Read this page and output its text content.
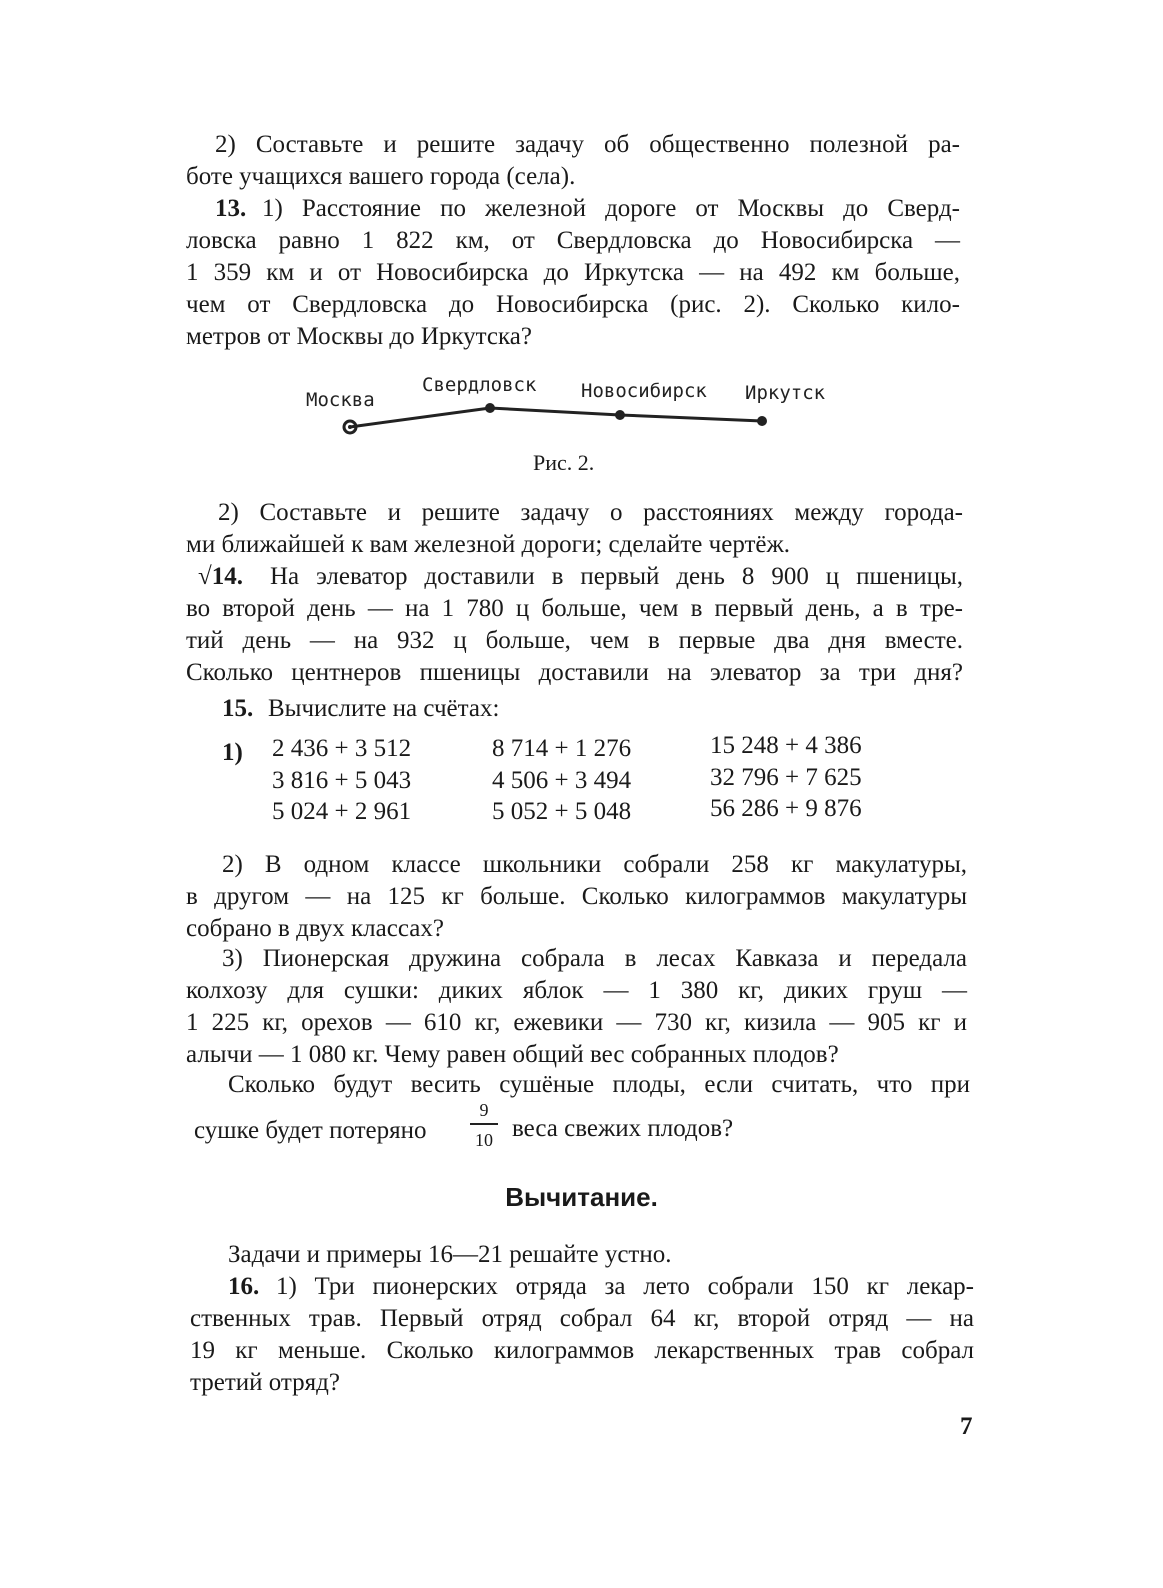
2) Составьте и решите задачу об общественно полезной ра-
боте учащихся вашего города (села).
13. 1) Расстояние по железной дороге от Москвы до Сверд-
ловска равно 1 822 км, от Свердловска до Новосибирска —
1 359 км и от Новосибирска до Иркутска — на 492 км больше,
чем от Свердловска до Новосибирска (рис. 2). Сколько кило-
метров от Москвы до Иркутска?
Москва
Свердловск Новосибирск Иркутск
Рис. 2.
2) Составьте и решите задачу о расстояниях между города-
ми ближайшей к вам железной дороги; сделайте чертёж.
√14. На элеватор доставили в первый день 8 900 ц пшеницы,
во второй день — на 1 780 ц больше, чем в первый день, а в тре-
тий день — на 932 ц больше, чем в первые два дня вместе.
Сколько центнеров пшеницы доставили на элеватор за три дня?
15. Вычислите на счётах:
1) 2 436 + 3 512
3 816 + 5 043
5 024 + 2 961
8 714 + 1 276
4 506 + 3 494
5 052 + 5 048
15 248 + 4 386
32 796 + 7 625
56 286 + 9 876
2) В одном классе школьники собрали 258 кг макулатуры,
в другом — на 125 кг больше. Сколько килограммов макулатуры
собрано в двух классах?
3) Пионерская дружина собрала в лесах Кавказа и передала
колхозу для сушки: диких яблок — 1 380 кг, диких груш —
1 225 кг, орехов — 610 кг, ежевики — 730 кг, кизила — 905 кг и
алычи — 1 080 кг. Чему равен общий вес собранных плодов?
Сколько будут весить сушёные плоды, если считать, что при
сушке будет потеряно
9
10 веса свежих плодов?
Вычитание.
Задачи и примеры 16—21 решайте устно.
16. 1) Три пионерских отряда за лето собрали 150 кг лекар-
ственных трав. Первый отряд собрал 64 кг, второй отряд — на
19 кг меньше. Сколько килограммов лекарственных трав собрал
третий отряд?
7
